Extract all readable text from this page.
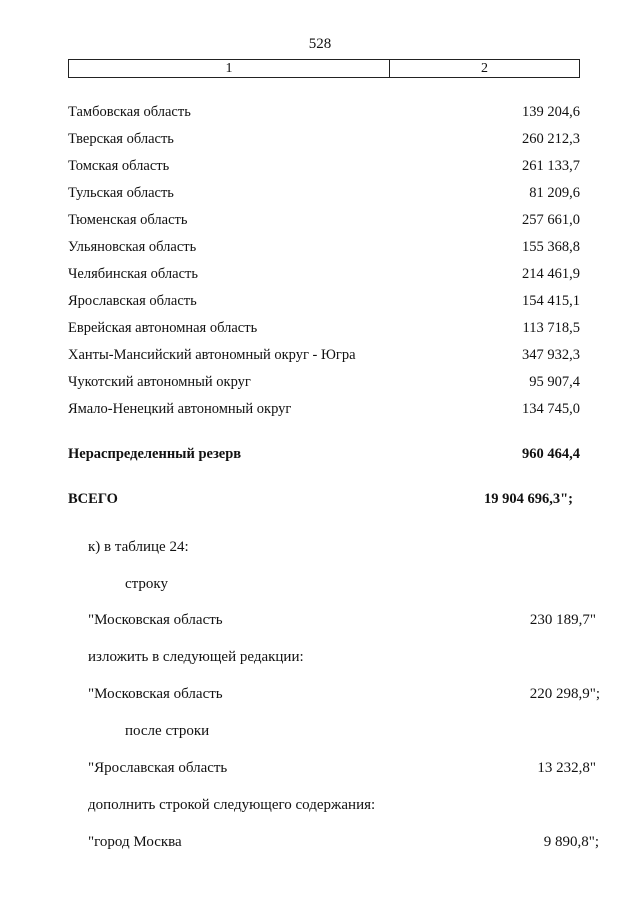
528
1	2
Тамбовская область	139 204,6
Тверская область	260 212,3
Томская область	261 133,7
Тульская область	81 209,6
Тюменская область	257 661,0
Ульяновская область	155 368,8
Челябинская область	214 461,9
Ярославская область	154 415,1
Еврейская автономная область	113 718,5
Ханты-Мансийский автономный округ - Югра	347 932,3
Чукотский автономный округ	95 907,4
Ямало-Ненецкий автономный округ	134 745,0
Нераспределенный резерв	960 464,4
ВСЕГО	19 904 696,3";
к) в таблице 24:
строку
"Московская область	230 189,7"
изложить в следующей редакции:
"Московская область	220 298,9";
после строки
"Ярославская область	13 232,8"
дополнить строкой следующего содержания:
"город Москва	9 890,8";
